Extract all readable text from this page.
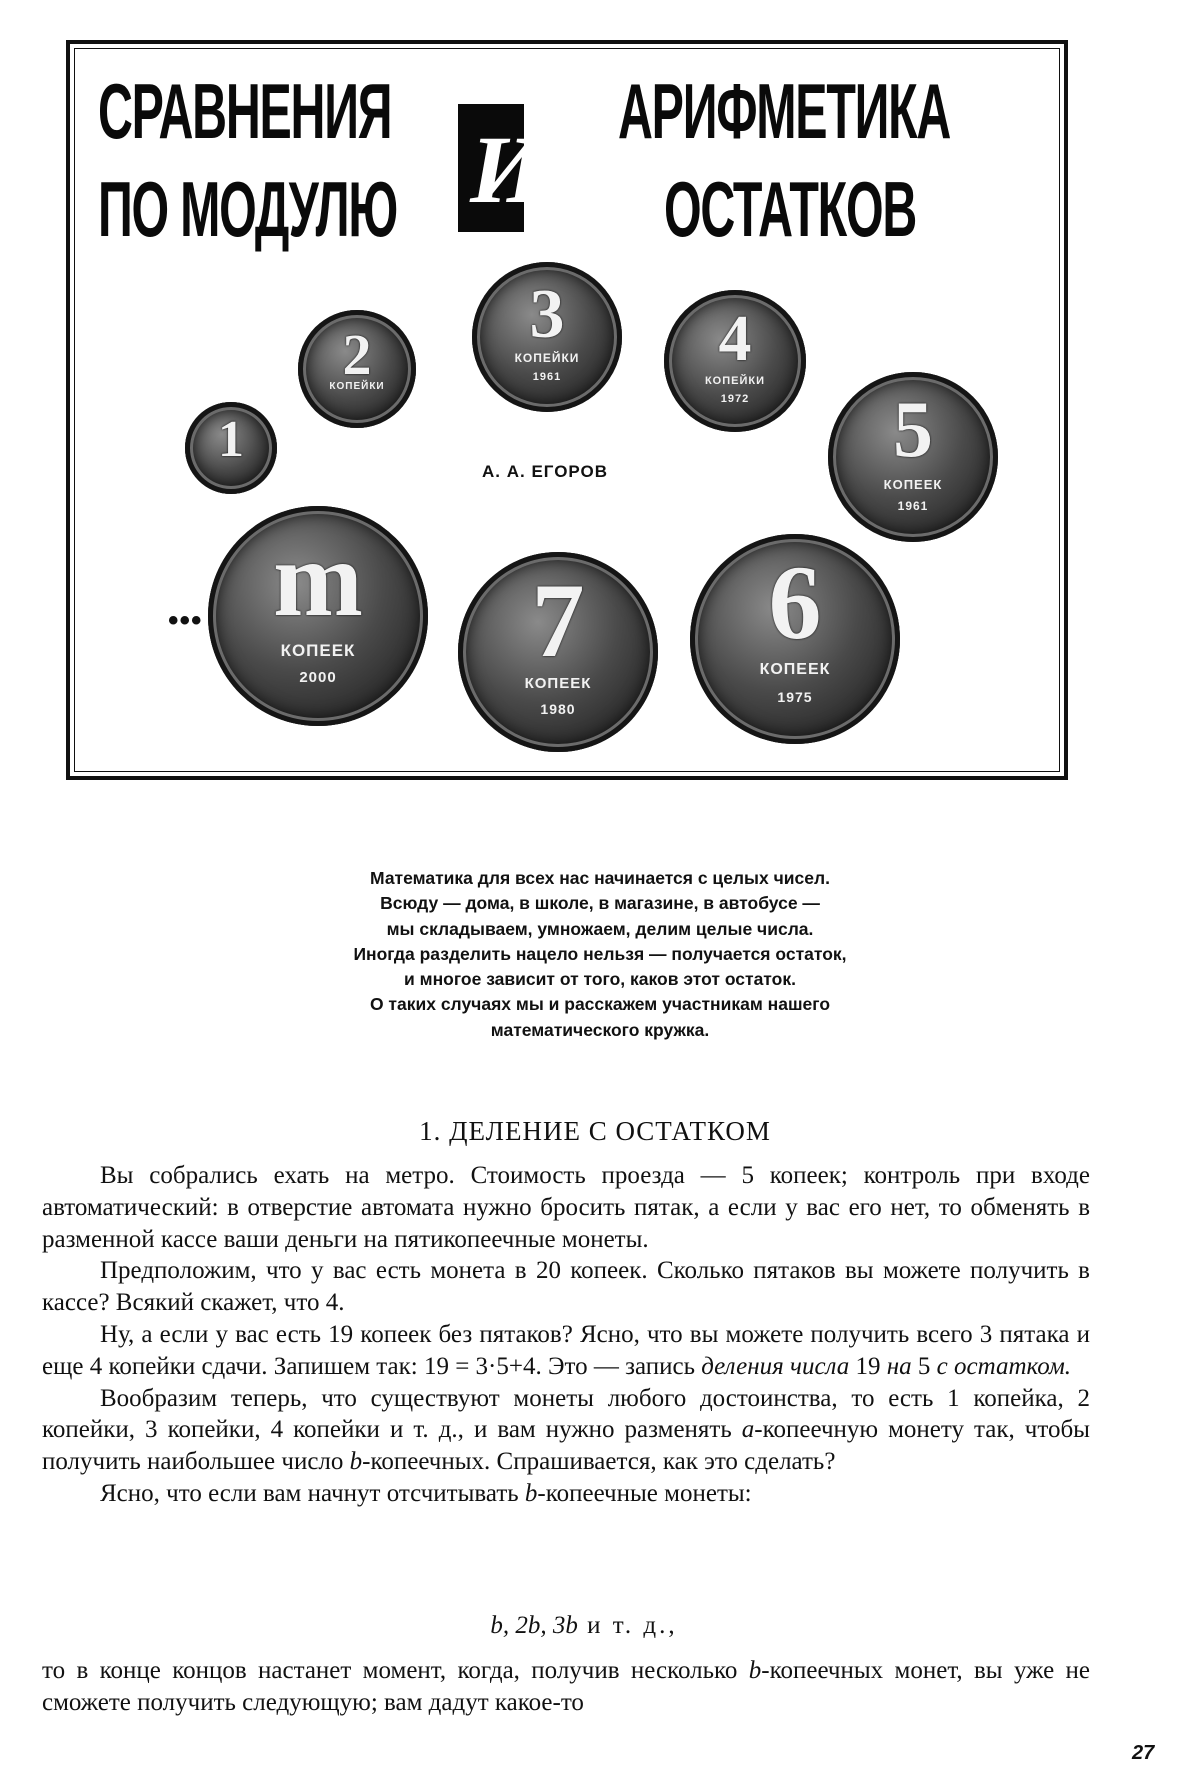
СРАВНЕНИЯ
ПО МОДУЛЮ И
АРИФМЕТИКА
ОСТАТКОВ
1
2
КОПЕЙКИ
3
КОПЕЙКИ
1961
4
КОПЕЙКИ
1972	5
КОПЕЕК
1961
m
КОПЕЕК
2000	7
КОПЕЕК
1980
6
КОПЕЕК
1975
А. А. ЕГОРОВ
•••
Математика для всех нас начинается с целых чисел.
Всюду — дома, в школе, в магазине, в автобусе —
мы складываем, умножаем, делим целые числа.
Иногда разделить нацело нельзя — получается остаток,
и многое зависит от того, каков этот остаток.
О таких случаях мы и расскажем участникам нашего
математического кружка.
1. ДЕЛЕНИЕ С ОСТАТКОМ

Вы собрались ехать на метро. Стоимость проезда — 5 копеек; контроль при входе автоматический: в отверстие автомата нужно бросить пятак, а если у вас его нет, то обменять в разменной кассе ваши деньги на пятикопеечные монеты.

Предположим, что у вас есть монета в 20 копеек. Сколько пятаков вы можете получить в кассе? Всякий скажет, что 4.

Ну, а если у вас есть 19 копеек без пятаков? Ясно, что вы можете получить всего 3 пятака и еще 4 копейки сдачи. Запишем так: 19 = 3·5+4. Это — запись деления числа 19 на 5 с остатком.

Вообразим теперь, что существуют монеты любого достоинства, то есть 1 копейка, 2 копейки, 3 копейки, 4 копейки и т. д., и вам нужно разменять a-копеечную монету так, чтобы получить наибольшее число b-копеечных. Спрашивается, как это сделать?

Ясно, что если вам начнут отсчитывать b-копеечные монеты:

b, 2b, 3b и т. д.,

то в конце концов настанет момент, когда, получив несколько b-копеечных монет, вы уже не сможете получить следующую; вам дадут какое-то

27
